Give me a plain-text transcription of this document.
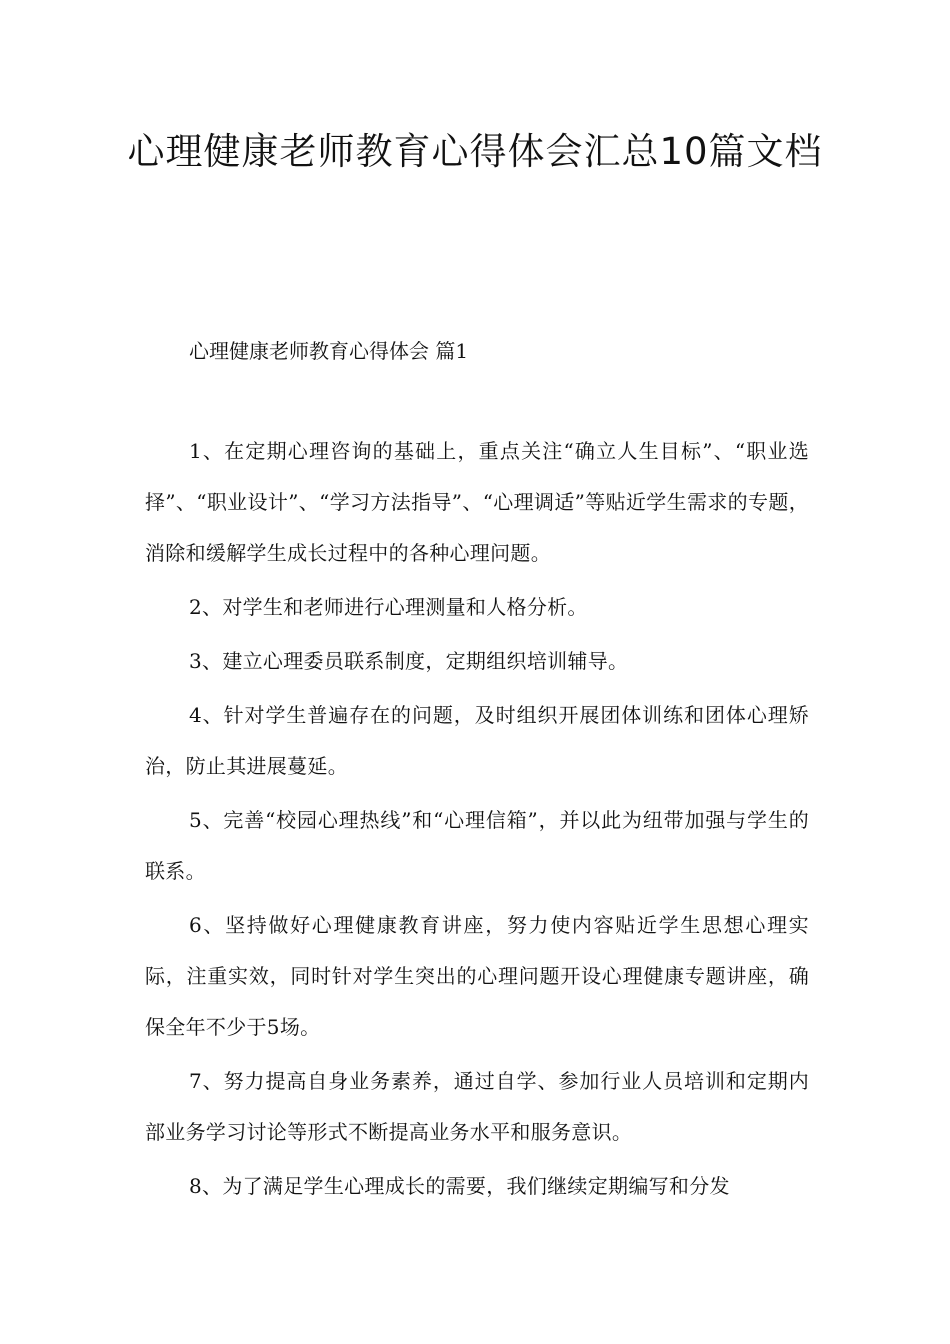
心理健康老师教育心得体会汇总10篇文档
心理健康老师教育心得体会 篇1

1、在定期心理咨询的基础上，重点关注“确立人生目标”、“职业选择”、“职业设计”、“学习方法指导”、“心理调适”等贴近学生需求的专题，消除和缓解学生成长过程中的各种心理问题。

2、对学生和老师进行心理测量和人格分析。

3、建立心理委员联系制度，定期组织培训辅导。

4、针对学生普遍存在的问题，及时组织开展团体训练和团体心理矫治，防止其进展蔓延。

5、完善“校园心理热线”和“心理信箱”，并以此为纽带加强与学生的联系。

6、坚持做好心理健康教育讲座，努力使内容贴近学生思想心理实际，注重实效，同时针对学生突出的心理问题开设心理健康专题讲座，确保全年不少于5场。

7、努力提高自身业务素养，通过自学、参加行业人员培训和定期内部业务学习讨论等形式不断提高业务水平和服务意识。

8、为了满足学生心理成长的需要，我们继续定期编写和分发
